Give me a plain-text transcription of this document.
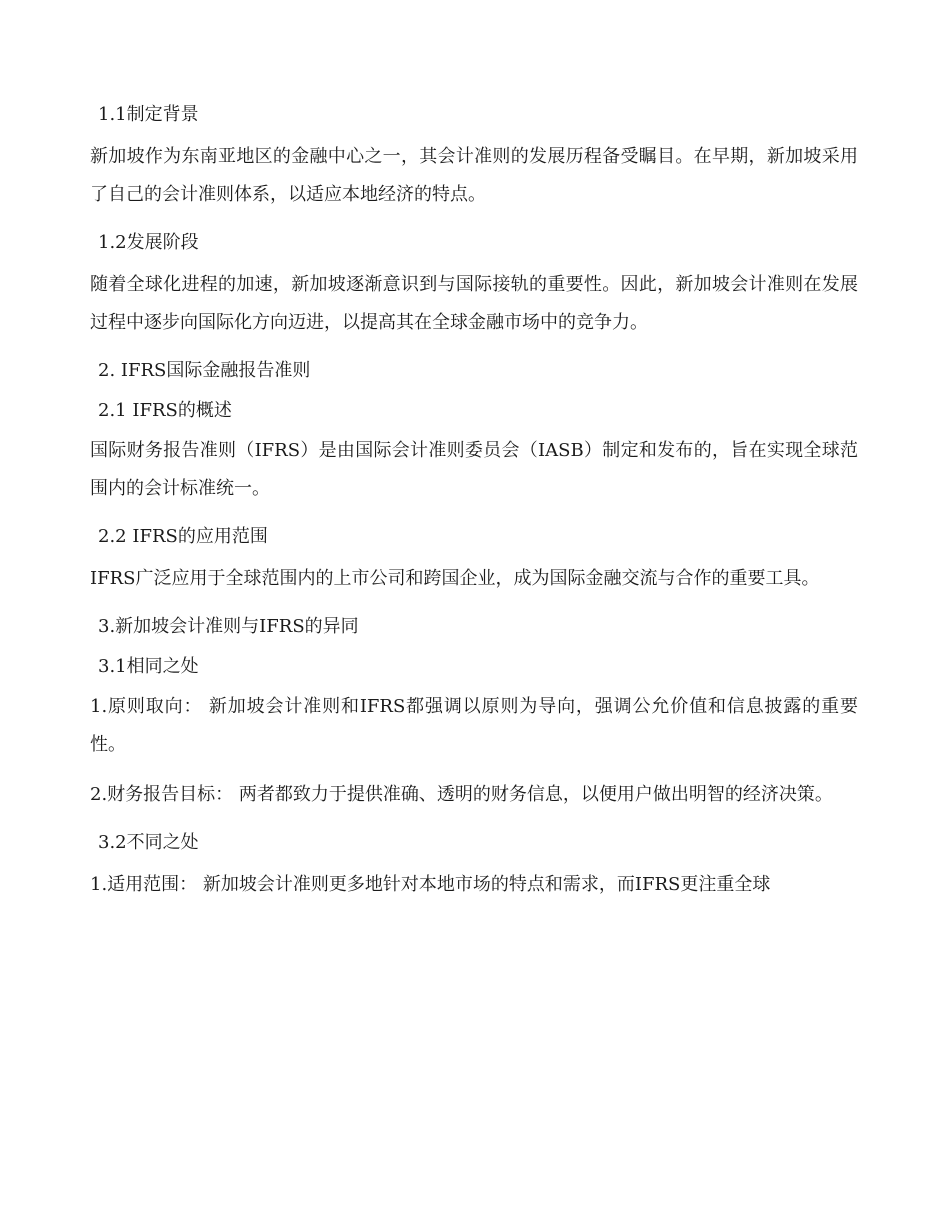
1.1制定背景

新加坡作为东南亚地区的金融中心之一，其会计准则的发展历程备受瞩目。在早期，新加坡采用了自己的会计准则体系，以适应本地经济的特点。

1.2发展阶段

随着全球化进程的加速，新加坡逐渐意识到与国际接轨的重要性。因此，新加坡会计准则在发展过程中逐步向国际化方向迈进，以提高其在全球金融市场中的竞争力。

2. IFRS国际金融报告准则
2.1 IFRS的概述

国际财务报告准则（IFRS）是由国际会计准则委员会（IASB）制定和发布的，旨在实现全球范围内的会计标准统一。

2.2 IFRS的应用范围

IFRS广泛应用于全球范围内的上市公司和跨国企业，成为国际金融交流与合作的重要工具。

3.新加坡会计准则与IFRS的异同
3.1相同之处

1.原则取向： 新加坡会计准则和IFRS都强调以原则为导向，强调公允价值和信息披露的重要性。

2.财务报告目标： 两者都致力于提供准确、透明的财务信息，以便用户做出明智的经济决策。

3.2不同之处

1.适用范围： 新加坡会计准则更多地针对本地市场的特点和需求，而IFRS更注重全球
